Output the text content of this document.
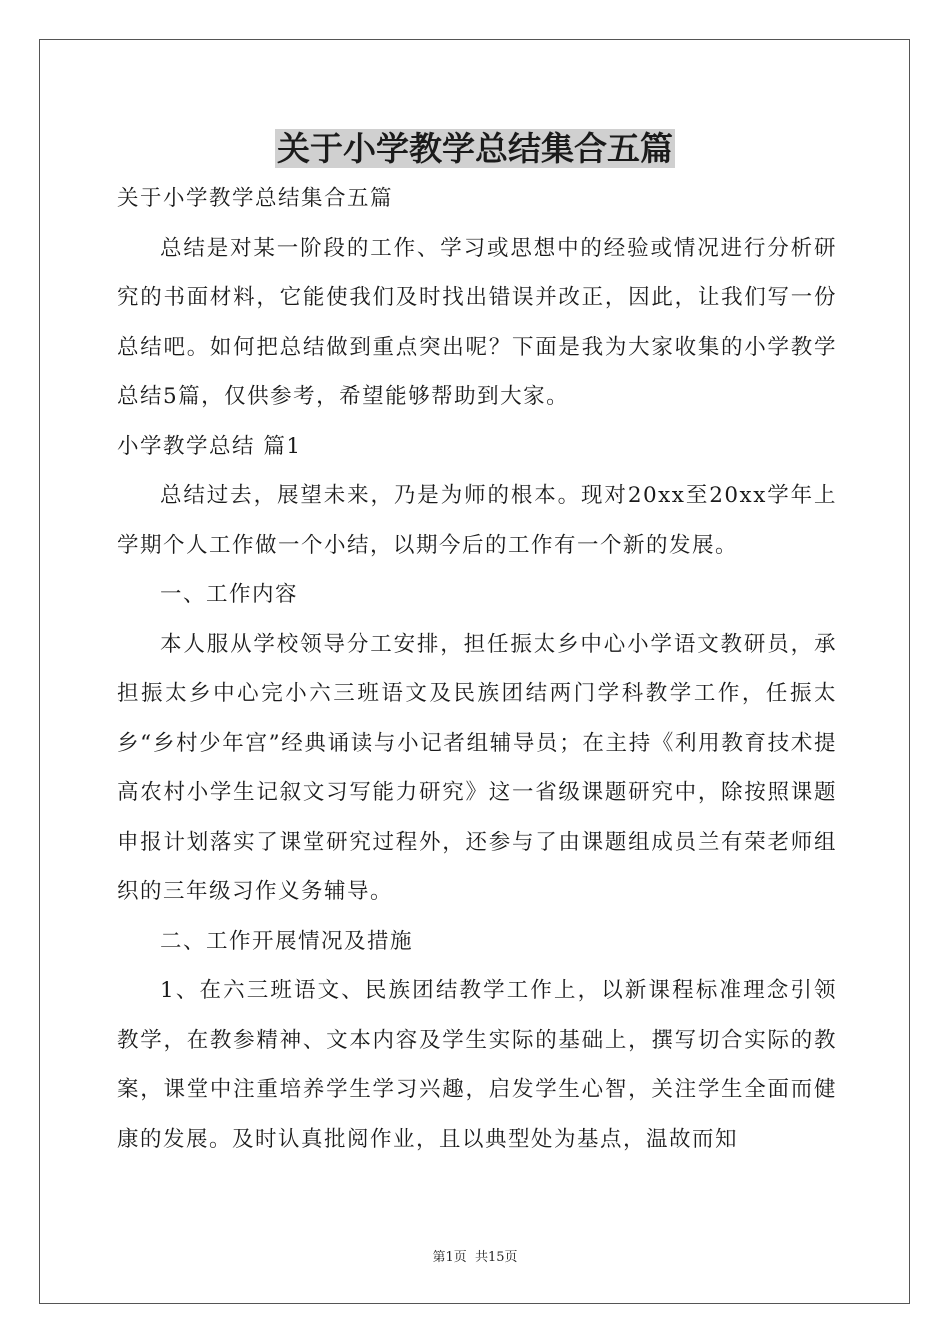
关于小学教学总结集合五篇

关于小学教学总结集合五篇

总结是对某一阶段的工作、学习或思想中的经验或情况进行分析研究的书面材料，它能使我们及时找出错误并改正，因此，让我们写一份总结吧。如何把总结做到重点突出呢？下面是我为大家收集的小学教学总结5篇，仅供参考，希望能够帮助到大家。

小学教学总结 篇1

总结过去，展望未来，乃是为师的根本。现对20xx至20xx学年上学期个人工作做一个小结，以期今后的工作有一个新的发展。

一、工作内容

本人服从学校领导分工安排，担任振太乡中心小学语文教研员，承担振太乡中心完小六三班语文及民族团结两门学科教学工作，任振太乡“乡村少年宫”经典诵读与小记者组辅导员；在主持《利用教育技术提高农村小学生记叙文习写能力研究》这一省级课题研究中，除按照课题申报计划落实了课堂研究过程外，还参与了由课题组成员兰有荣老师组织的三年级习作义务辅导。

二、工作开展情况及措施

1、在六三班语文、民族团结教学工作上，以新课程标准理念引领教学，在教参精神、文本内容及学生实际的基础上，撰写切合实际的教案，课堂中注重培养学生学习兴趣，启发学生心智，关注学生全面而健康的发展。及时认真批阅作业，且以典型处为基点，温故而知

第1页 共15页
